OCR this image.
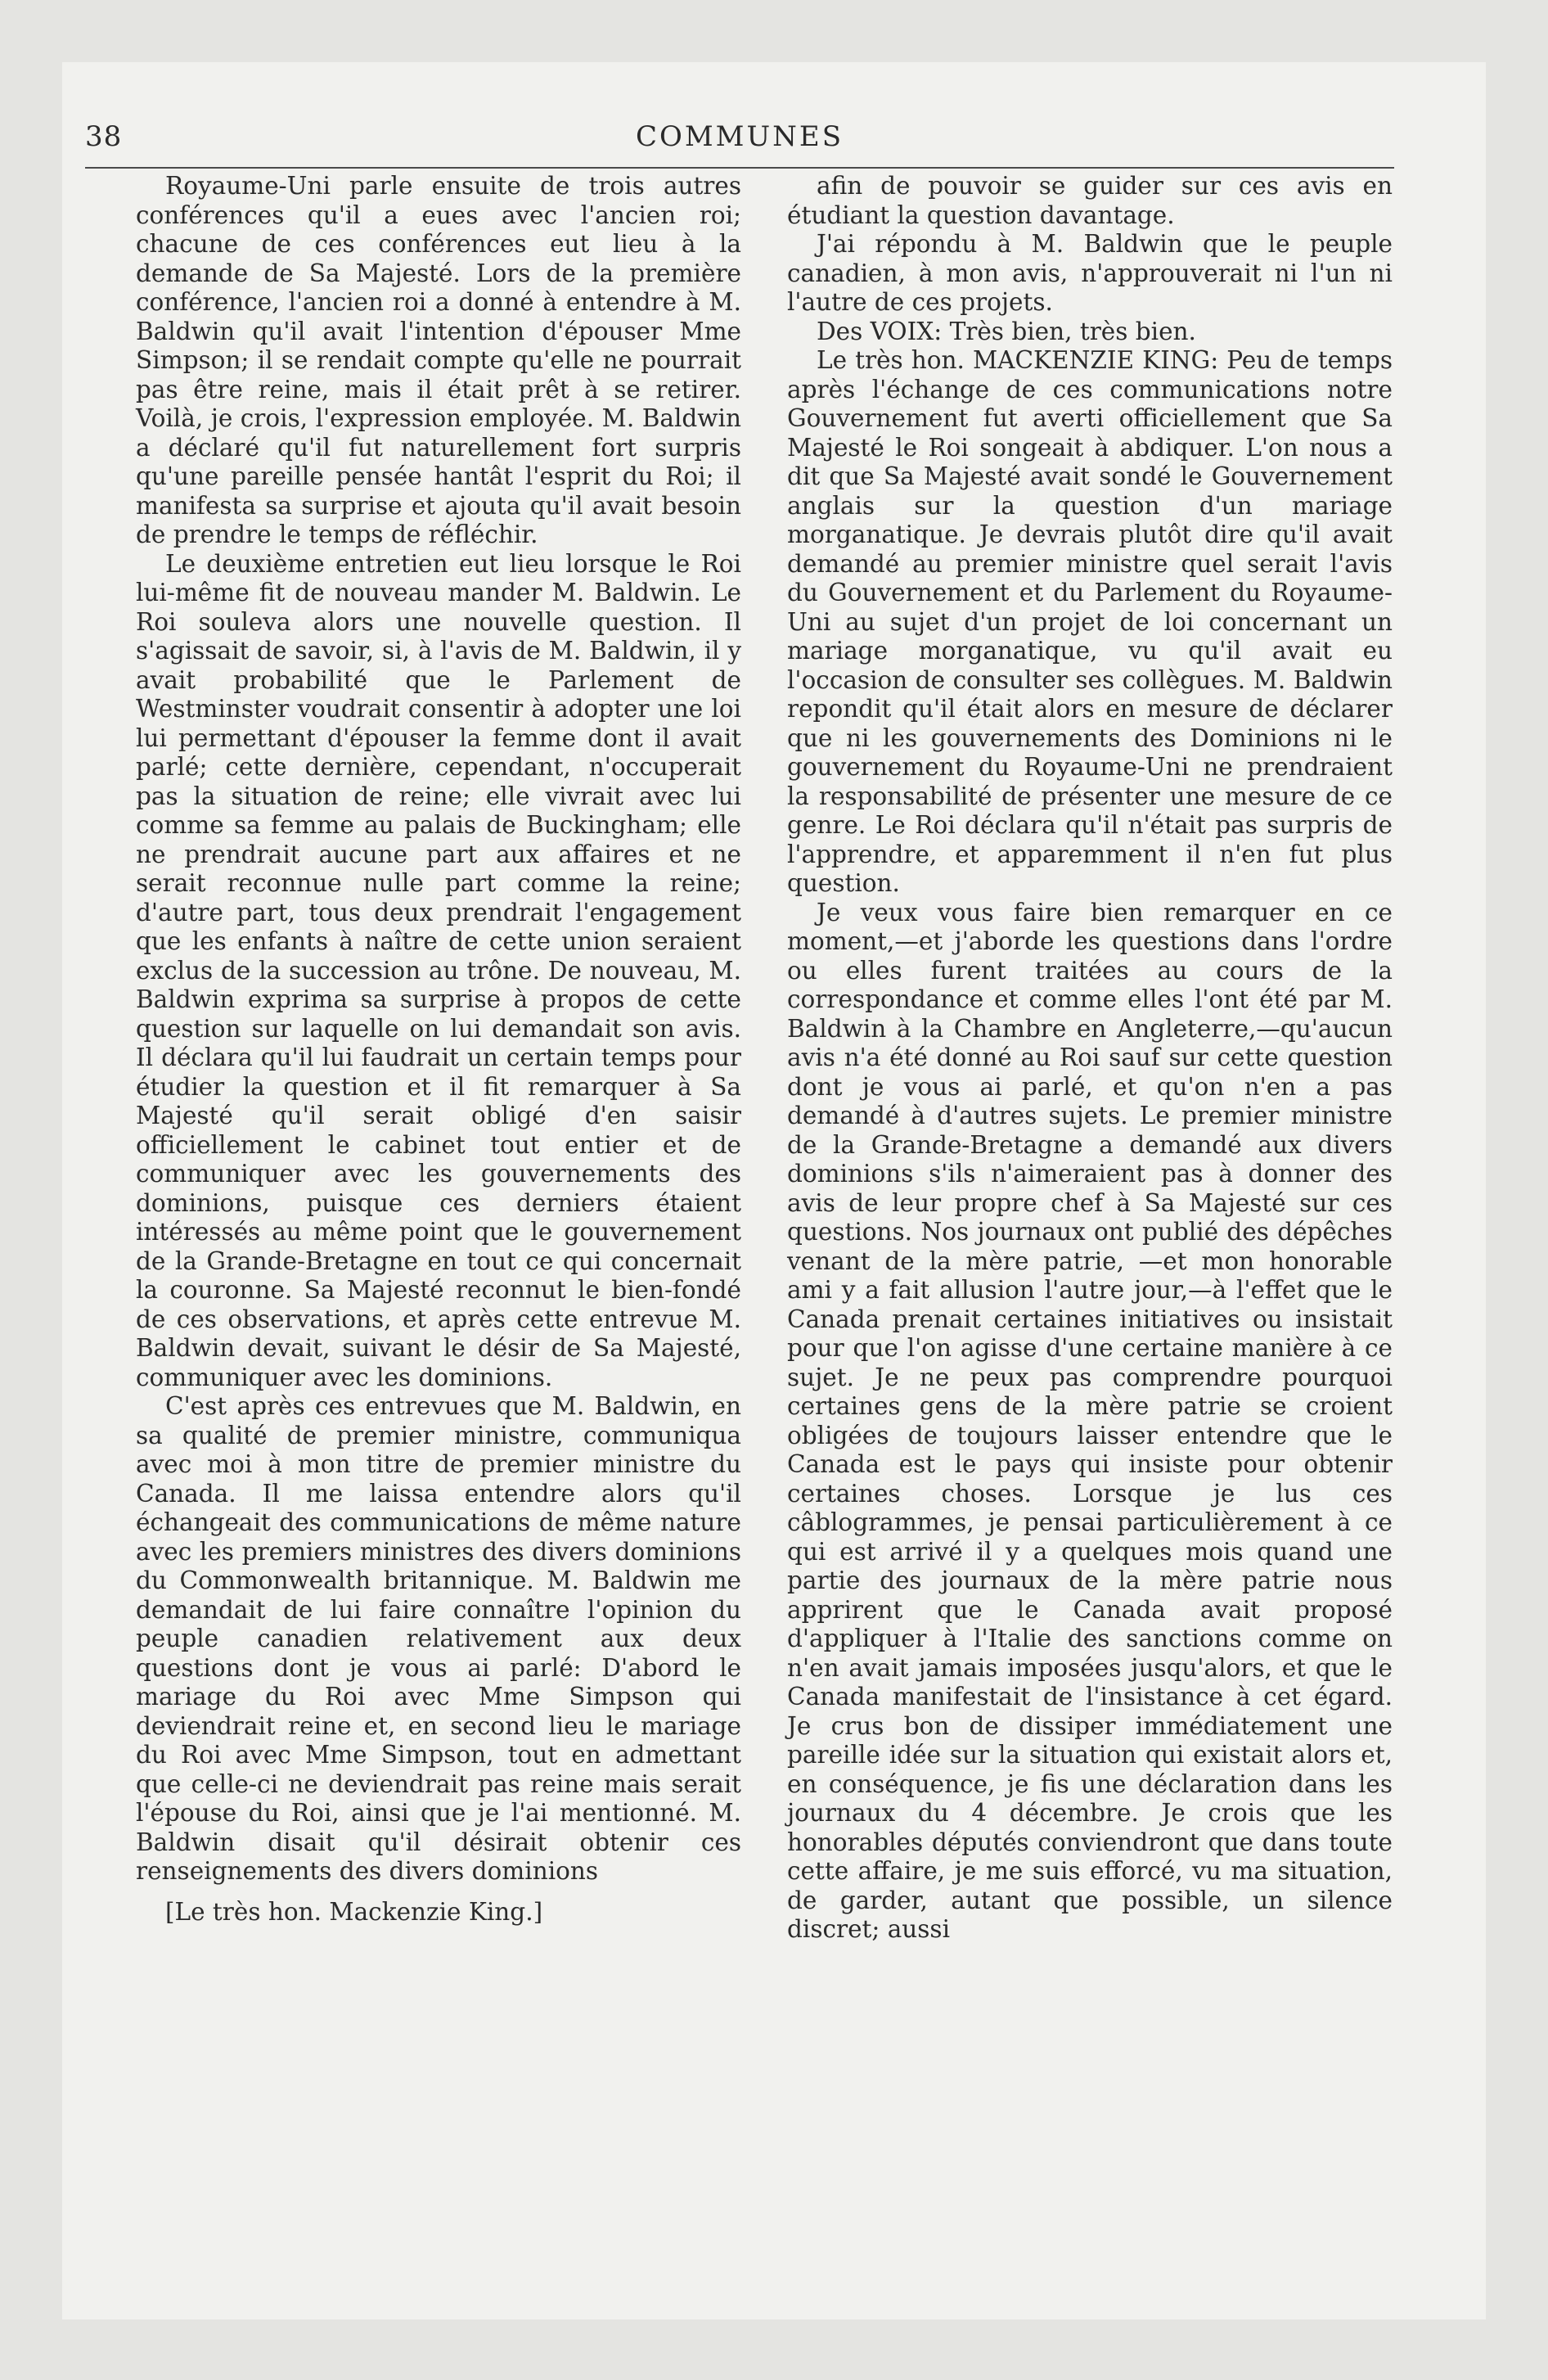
38	COMMUNES

Royaume-Uni parle ensuite de trois autres conférences qu'il a eues avec l'ancien roi; chacune de ces conférences eut lieu à la demande de Sa Majesté. Lors de la première conférence, l'ancien roi a donné à entendre à M. Baldwin qu'il avait l'intention d'épouser Mme Simpson; il se rendait compte qu'elle ne pourrait pas être reine, mais il était prêt à se retirer. Voilà, je crois, l'expression employée. M. Baldwin a déclaré qu'il fut naturellement fort surpris qu'une pareille pensée hantât l'esprit du Roi; il manifesta sa surprise et ajouta qu'il avait besoin de prendre le temps de réfléchir.

Le deuxième entretien eut lieu lorsque le Roi lui-même fit de nouveau mander M. Baldwin. Le Roi souleva alors une nouvelle question. Il s'agissait de savoir, si, à l'avis de M. Baldwin, il y avait probabilité que le Parlement de Westminster voudrait consentir à adopter une loi lui permettant d'épouser la femme dont il avait parlé; cette dernière, cependant, n'occuperait pas la situation de reine; elle vivrait avec lui comme sa femme au palais de Buckingham; elle ne prendrait aucune part aux affaires et ne serait reconnue nulle part comme la reine; d'autre part, tous deux prendrait l'engagement que les enfants à naître de cette union seraient exclus de la succession au trône. De nouveau, M. Baldwin exprima sa surprise à propos de cette question sur laquelle on lui demandait son avis. Il déclara qu'il lui faudrait un certain temps pour étudier la question et il fit remarquer à Sa Majesté qu'il serait obligé d'en saisir officiellement le cabinet tout entier et de communiquer avec les gouvernements des dominions, puisque ces derniers étaient intéressés au même point que le gouvernement de la Grande-Bretagne en tout ce qui concernait la couronne. Sa Majesté reconnut le bien-fondé de ces observations, et après cette entrevue M. Baldwin devait, suivant le désir de Sa Majesté, communiquer avec les dominions.

C'est après ces entrevues que M. Baldwin, en sa qualité de premier ministre, communiqua avec moi à mon titre de premier ministre du Canada. Il me laissa entendre alors qu'il échangeait des communications de même nature avec les premiers ministres des divers dominions du Commonwealth britannique. M. Baldwin me demandait de lui faire connaître l'opinion du peuple canadien relativement aux deux questions dont je vous ai parlé: D'abord le mariage du Roi avec Mme Simpson qui deviendrait reine et, en second lieu le mariage du Roi avec Mme Simpson, tout en admettant que celle-ci ne deviendrait pas reine mais serait l'épouse du Roi, ainsi que je l'ai mentionné. M. Baldwin disait qu'il désirait obtenir ces renseignements des divers dominions

[Le très hon. Mackenzie King.]

afin de pouvoir se guider sur ces avis en étudiant la question davantage.

J'ai répondu à M. Baldwin que le peuple canadien, à mon avis, n'approuverait ni l'un ni l'autre de ces projets.

Des VOIX: Très bien, très bien.

Le très hon. MACKENZIE KING: Peu de temps après l'échange de ces communications notre Gouvernement fut averti officiellement que Sa Majesté le Roi songeait à abdiquer. L'on nous a dit que Sa Majesté avait sondé le Gouvernement anglais sur la question d'un mariage morganatique. Je devrais plutôt dire qu'il avait demandé au premier ministre quel serait l'avis du Gouvernement et du Parlement du Royaume-Uni au sujet d'un projet de loi concernant un mariage morganatique, vu qu'il avait eu l'occasion de consulter ses collègues. M. Baldwin repondit qu'il était alors en mesure de déclarer que ni les gouvernements des Dominions ni le gouvernement du Royaume-Uni ne prendraient la responsabilité de présenter une mesure de ce genre. Le Roi déclara qu'il n'était pas surpris de l'apprendre, et apparemment il n'en fut plus question.

Je veux vous faire bien remarquer en ce moment,—et j'aborde les questions dans l'ordre ou elles furent traitées au cours de la correspondance et comme elles l'ont été par M. Baldwin à la Chambre en Angleterre,—qu'aucun avis n'a été donné au Roi sauf sur cette question dont je vous ai parlé, et qu'on n'en a pas demandé à d'autres sujets. Le premier ministre de la Grande-Bretagne a demandé aux divers dominions s'ils n'aimeraient pas à donner des avis de leur propre chef à Sa Majesté sur ces questions. Nos journaux ont publié des dépêches venant de la mère patrie, —et mon honorable ami y a fait allusion l'autre jour,—à l'effet que le Canada prenait certaines initiatives ou insistait pour que l'on agisse d'une certaine manière à ce sujet. Je ne peux pas comprendre pourquoi certaines gens de la mère patrie se croient obligées de toujours laisser entendre que le Canada est le pays qui insiste pour obtenir certaines choses. Lorsque je lus ces câblogrammes, je pensai particulièrement à ce qui est arrivé il y a quelques mois quand une partie des journaux de la mère patrie nous apprirent que le Canada avait proposé d'appliquer à l'Italie des sanctions comme on n'en avait jamais imposées jusqu'alors, et que le Canada manifestait de l'insistance à cet égard. Je crus bon de dissiper immédiatement une pareille idée sur la situation qui existait alors et, en conséquence, je fis une déclaration dans les journaux du 4 décembre. Je crois que les honorables députés conviendront que dans toute cette affaire, je me suis efforcé, vu ma situation, de garder, autant que possible, un silence discret; aussi
